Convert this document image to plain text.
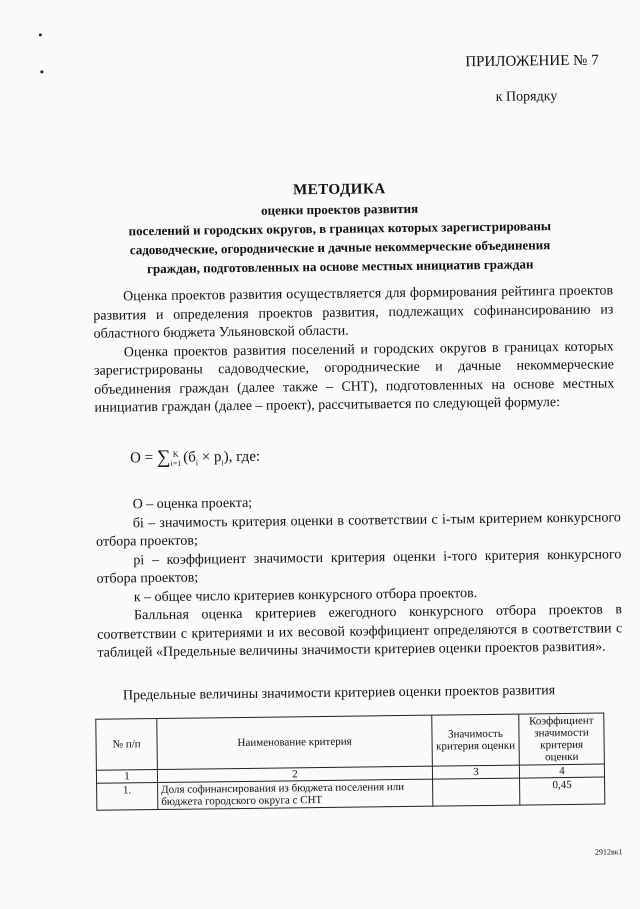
ПРИЛОЖЕНИЕ № 7
к Порядку
МЕТОДИКА
оценки проектов развития
поселений и городских округов, в границах которых зарегистрированы
садоводческие, огороднические и дачные некоммерческие объединения
граждан, подготовленных на основе местных инициатив граждан

Оценка проектов развития осуществляется для формирования рейтинга проектов развития и определения проектов развития, подлежащих софинансированию из областного бюджета Ульяновской области.

Оценка проектов развития поселений и городских округов в границах которых зарегистрированы садоводческие, огороднические и дачные некоммерческие объединения граждан (далее также – СНТ), подготовленных на основе местных инициатив граждан (далее – проект), рассчитывается по следующей формуле:

О = ∑ K
i=1 $(б_i \times p_i)$, где:

О – оценка проекта;

бi – значимость критерия оценки в соответствии с i-тым критерием конкурсного отбора проектов;

pi – коэффициент значимости критерия оценки i-того критерия конкурсного отбора проектов;

к – общее число критериев конкурсного отбора проектов.

Балльная оценка критериев ежегодного конкурсного отбора проектов в соответствии с критериями и их весовой коэффициент определяются в соответствии с таблицей «Предельные величины значимости критериев оценки проектов развития».

Предельные величины значимости критериев оценки проектов развития
№ п/п	Наименование критерия	Значимость критерия оценки	Коэффициент значимости критерия оценки
1	2	3	4
1.	Доля софинансирования из бюджета поселения или бюджета городского округа с СНТ		0,45
2912вк1
